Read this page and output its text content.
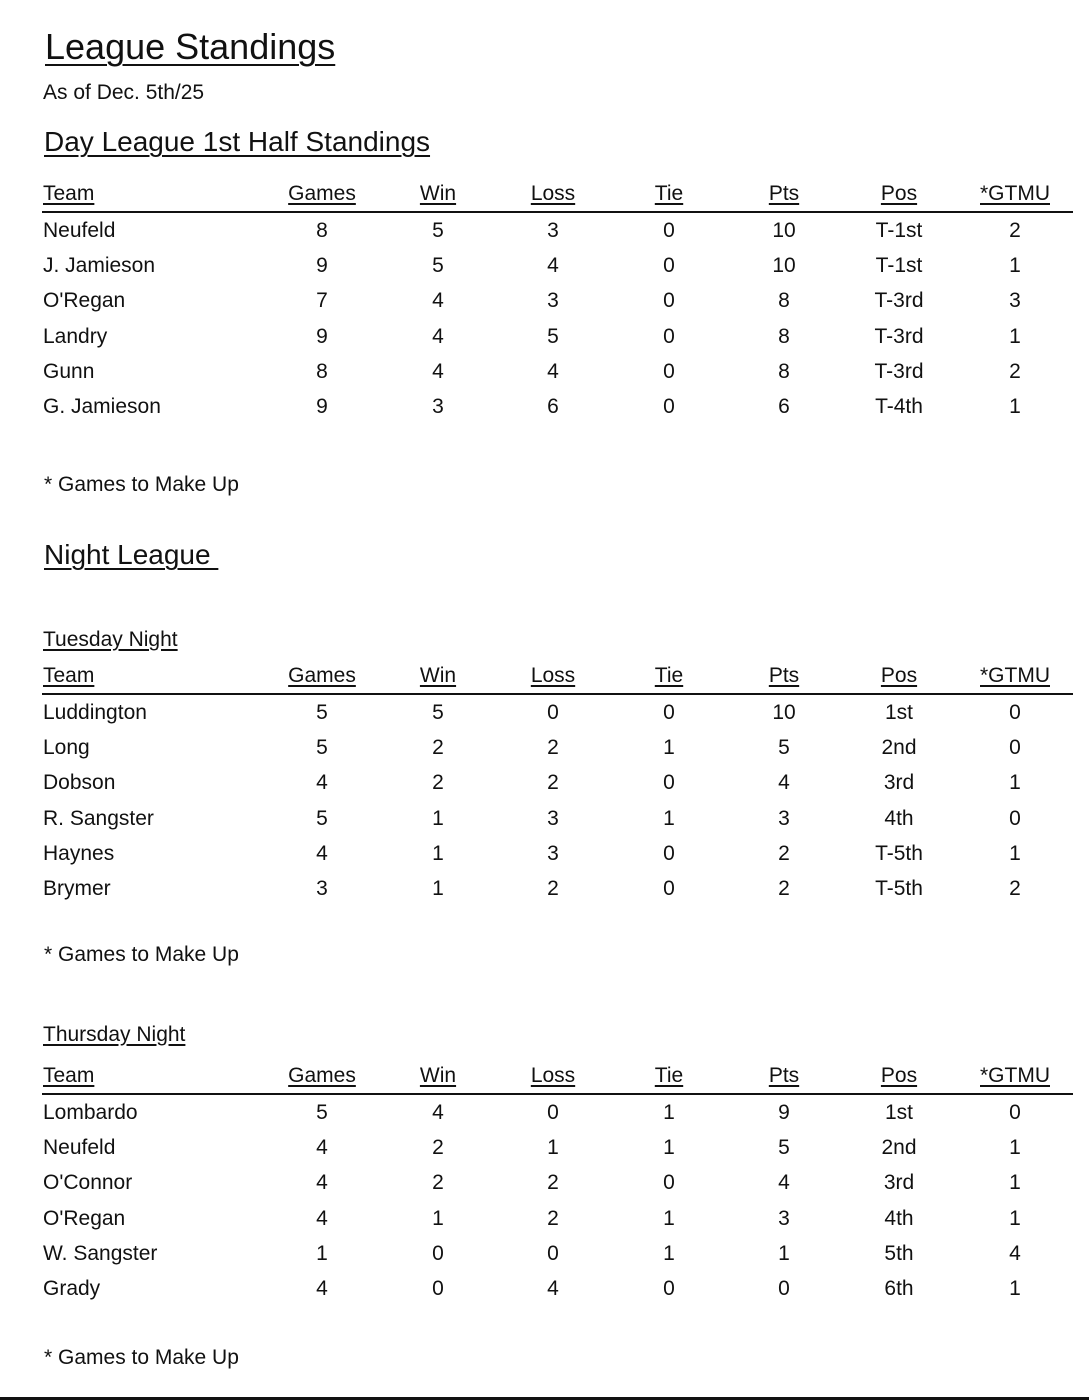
League Standings
As of Dec. 5th/25
Day League 1st Half Standings
Team	Games	Win	Loss	Tie	Pts	Pos	*GTMU
Neufeld	8	5	3	0	10	T-1st	2
J. Jamieson	9	5	4	0	10	T-1st	1
O'Regan	7	4	3	0	8	T-3rd	3
Landry	9	4	5	0	8	T-3rd	1
Gunn	8	4	4	0	8	T-3rd	2
G. Jamieson	9	3	6	0	6	T-4th	1
* Games to Make Up
Night League
Tuesday Night
Team	Games	Win	Loss	Tie	Pts	Pos	*GTMU
Luddington	5	5	0	0	10	1st	0
Long	5	2	2	1	5	2nd	0
Dobson	4	2	2	0	4	3rd	1
R. Sangster	5	1	3	1	3	4th	0
Haynes	4	1	3	0	2	T-5th	1
Brymer	3	1	2	0	2	T-5th	2
* Games to Make Up
Thursday Night
Team	Games	Win	Loss	Tie	Pts	Pos	*GTMU
Lombardo	5	4	0	1	9	1st	0
Neufeld	4	2	1	1	5	2nd	1
O'Connor	4	2	2	0	4	3rd	1
O'Regan	4	1	2	1	3	4th	1
W. Sangster	1	0	0	1	1	5th	4
Grady	4	0	4	0	0	6th	1
* Games to Make Up
